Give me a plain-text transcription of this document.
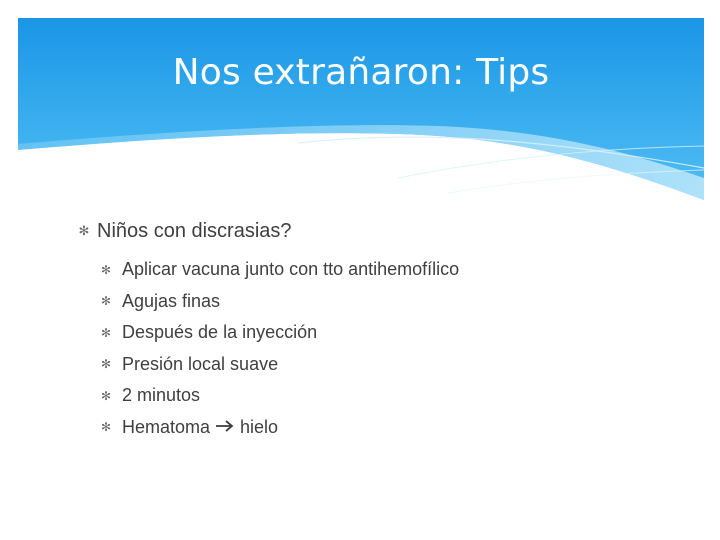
Nos extrañaron: Tips
✻ Niños con discrasias?
✻ Aplicar vacuna junto con tto antihemofílico
✻ Agujas finas
✻ Después de la inyección
✻ Presión local suave
✻ 2 minutos
✻ Hematoma hielo
